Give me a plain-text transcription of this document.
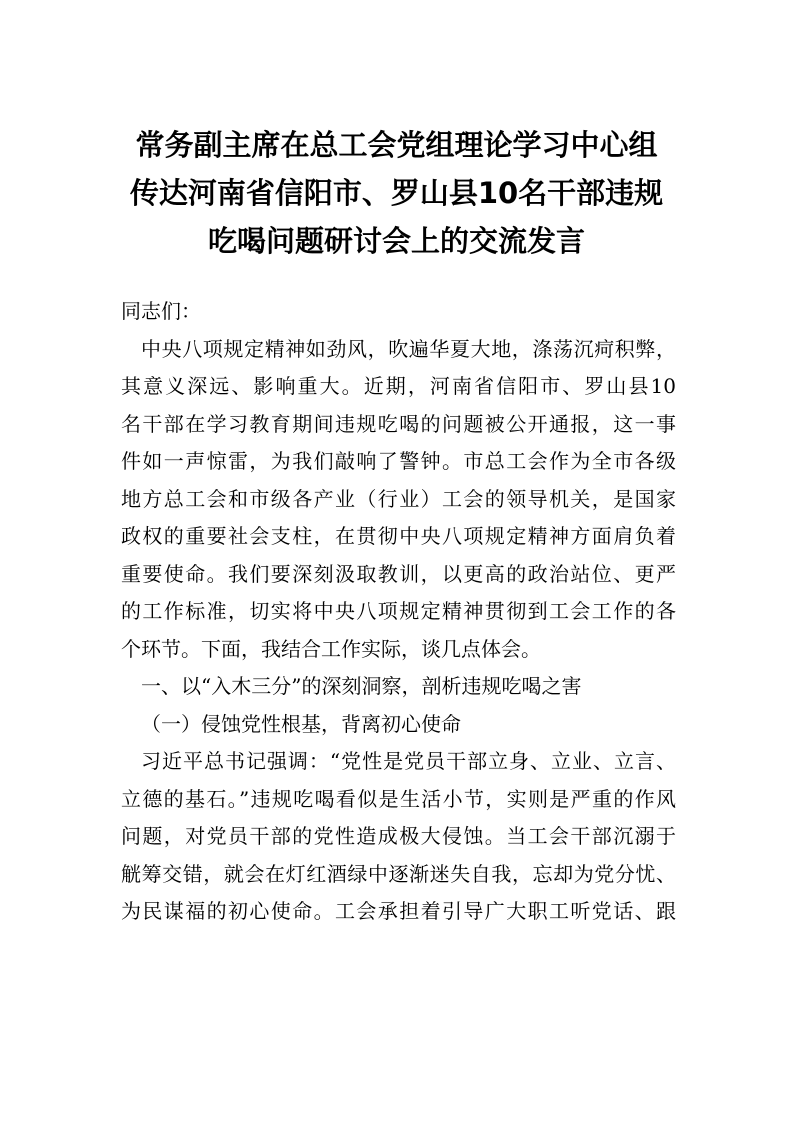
常务副主席在总工会党组理论学习中心组
传达河南省信阳市、罗山县10名干部违规
吃喝问题研讨会上的交流发言
同志们：
中央八项规定精神如劲风，吹遍华夏大地，涤荡沉疴积弊，
其意义深远、影响重大。近期，河南省信阳市、罗山县10
名干部在学习教育期间违规吃喝的问题被公开通报，这一事
件如一声惊雷，为我们敲响了警钟。市总工会作为全市各级
地方总工会和市级各产业（行业）工会的领导机关，是国家
政权的重要社会支柱，在贯彻中央八项规定精神方面肩负着
重要使命。我们要深刻汲取教训，以更高的政治站位、更严
的工作标准，切实将中央八项规定精神贯彻到工会工作的各
个环节。下面，我结合工作实际，谈几点体会。
一、以“入木三分”的深刻洞察，剖析违规吃喝之害
（一）侵蚀党性根基，背离初心使命
习近平总书记强调：“党性是党员干部立身、立业、立言、
立德的基石。”违规吃喝看似是生活小节，实则是严重的作风
问题，对党员干部的党性造成极大侵蚀。当工会干部沉溺于
觥筹交错，就会在灯红酒绿中逐渐迷失自我，忘却为党分忧、
为民谋福的初心使命。工会承担着引导广大职工听党话、跟
